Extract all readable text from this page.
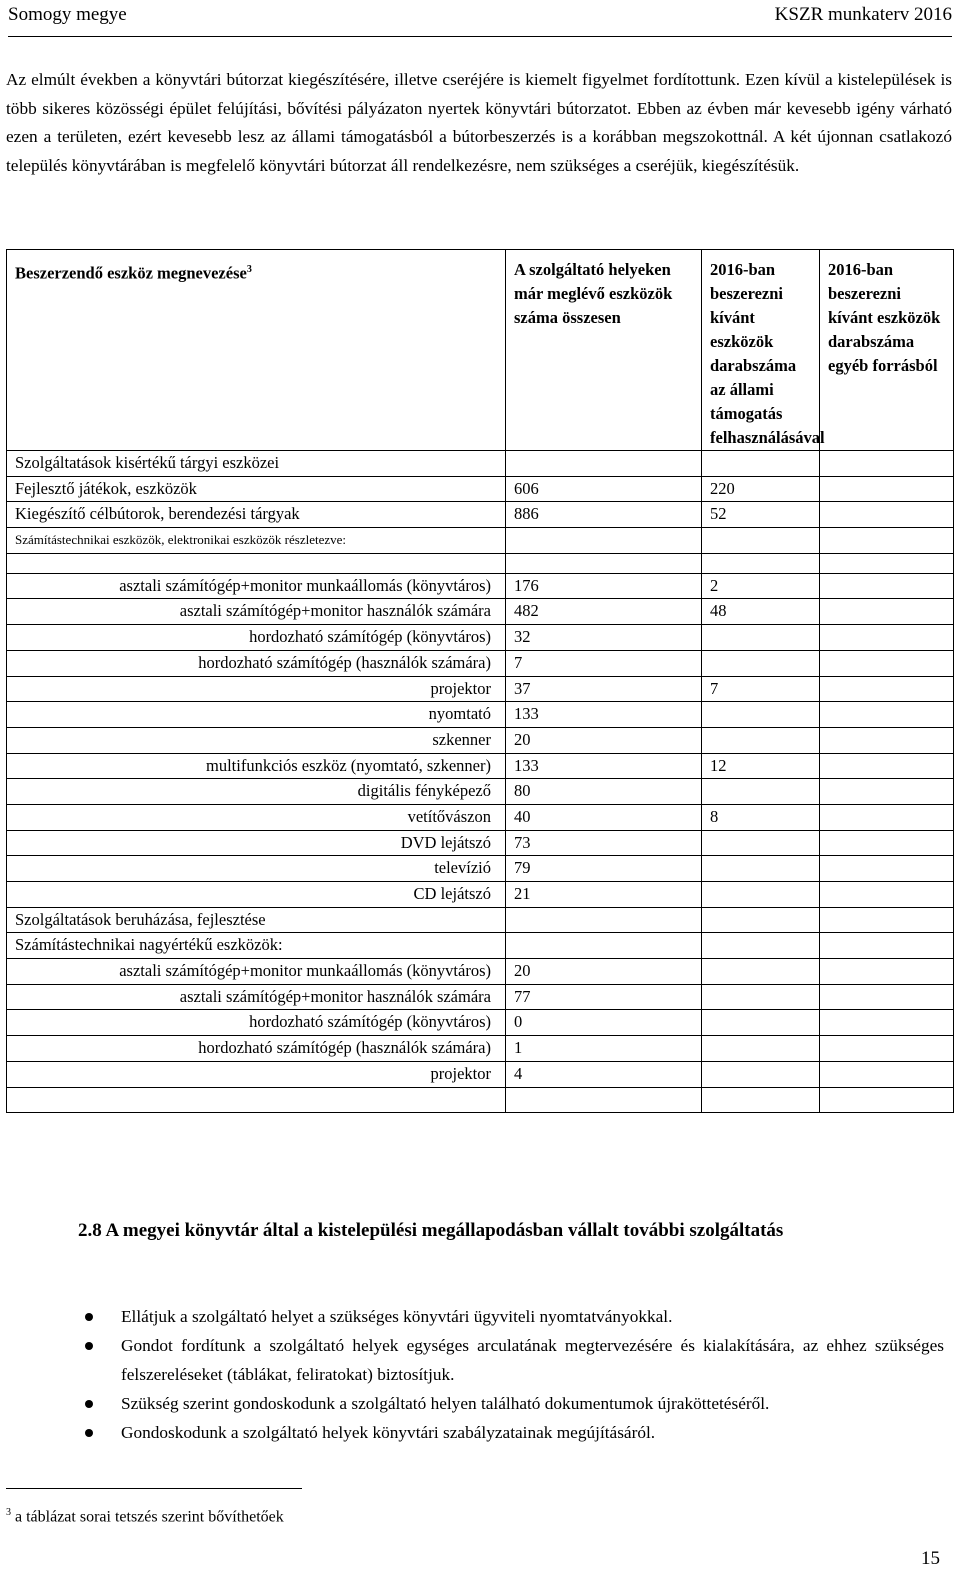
Somogy megye	KSZR munkaterv 2016

Az elmúlt években a könyvtári bútorzat kiegészítésére, illetve cseréjére is kiemelt figyelmet fordítottunk. Ezen kívül a kistelepülések is több sikeres közösségi épület felújítási, bővítési pályázaton nyertek könyvtári bútorzatot. Ebben az évben már kevesebb igény várható ezen a területen, ezért kevesebb lesz az állami támogatásból a bútorbeszerzés is a korábban megszokottnál. A két újonnan csatlakozó település könyvtárában is megfelelő könyvtári bútorzat áll rendelkezésre, nem szükséges a cseréjük, kiegészítésük.

Beszerzendő eszköz megnevezése$^3$	A szolgáltató helyeken már meglévő eszközök száma összesen	2016-ban beszerezni kívánt eszközök darabszáma az állami támogatás felhasználásával	2016-ban beszerezni kívánt eszközök darabszáma egyéb forrásból
Szolgáltatások kisértékű tárgyi eszközei			
Fejlesztő játékok, eszközök	606	220	
Kiegészítő célbútorok, berendezési tárgyak	886	52	
Számítástechnikai eszközök, elektronikai eszközök részletezve:			

asztali számítógép+monitor munkaállomás (könyvtáros)	176	2	
asztali számítógép+monitor használók számára	482	48	
hordozható számítógép (könyvtáros)	32		
hordozható számítógép (használók számára)	7		
projektor	37	7	
nyomtató	133		
szkenner	20		
multifunkciós eszköz (nyomtató, szkenner)	133	12	
digitális fényképező	80		
vetítővászon	40	8	
DVD lejátszó	73		
televízió	79		
CD lejátszó	21		
Szolgáltatások beruházása, fejlesztése			
Számítástechnikai nagyértékű eszközök:			
asztali számítógép+monitor munkaállomás (könyvtáros)	20		
asztali számítógép+monitor használók számára	77		
hordozható számítógép (könyvtáros)	0		
hordozható számítógép (használók számára)	1		
projektor	4		

2.8 A megyei könyvtár által a kistelepülési megállapodásban vállalt további szolgáltatás
Ellátjuk a szolgáltató helyet a szükséges könyvtári ügyviteli nyomtatványokkal.
Gondot fordítunk a szolgáltató helyek egységes arculatának megtervezésére és kialakítására, az ehhez szükséges felszereléseket (táblákat, feliratokat) biztosítjuk.
Szükség szerint gondoskodunk a szolgáltató helyen található dokumentumok újraköttetéséről.
Gondoskodunk a szolgáltató helyek könyvtári szabályzatainak megújításáról.
$^3$ a táblázat sorai tetszés szerint bővíthetőek
15
